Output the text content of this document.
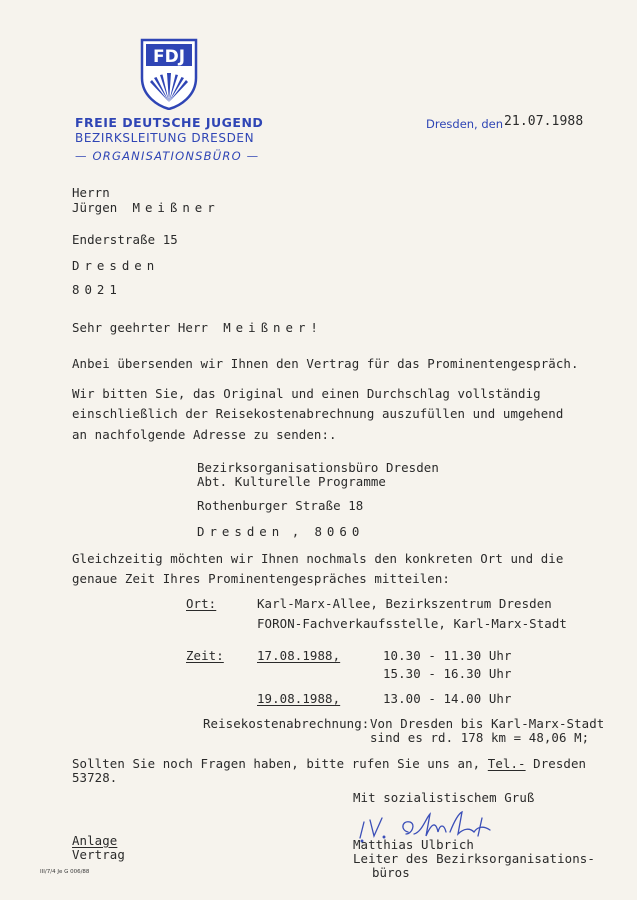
FDJ
FREIE DEUTSCHE JUGEND
BEZIRKSLEITUNG DRESDEN
— ORGANISATIONSBÜRO —
Dresden, den 21.07.1988
Herrn
Jürgen  Meißner
Enderstraße 15
Dresden
8021
Sehr geehrter Herr  Meißner!
Anbei übersenden wir Ihnen den Vertrag für das Prominentengespräch.
Wir bitten Sie, das Original und einen Durchschlag vollständig
einschließlich der Reisekostenabrechnung auszufüllen und umgehend
an nachfolgende Adresse zu senden:.
Bezirksorganisationsbüro Dresden
Abt. Kulturelle Programme
Rothenburger Straße 18
Dresden , 8060
Gleichzeitig möchten wir Ihnen nochmals den konkreten Ort und die
genaue Zeit Ihres Prominentengespräches mitteilen:
Ort:	Karl-Marx-Allee, Bezirkszentrum Dresden
FORON-Fachverkaufsstelle, Karl-Marx-Stadt
Zeit:	17.08.1988,	10.30 - 11.30 Uhr
15.30 - 16.30 Uhr
19.08.1988,	13.00 - 14.00 Uhr
Reisekostenabrechnung: Von Dresden bis Karl-Marx-Stadt
sind es rd. 178 km = 48,06 M;
Sollten Sie noch Fragen haben, bitte rufen Sie uns an, Tel.- Dresden
53728.
Mit sozialistischem Gruß
Matthias Ulbrich
Leiter des Bezirksorganisations-
büros
Anlage
Vertrag
III/7/4 Je G 006/88
